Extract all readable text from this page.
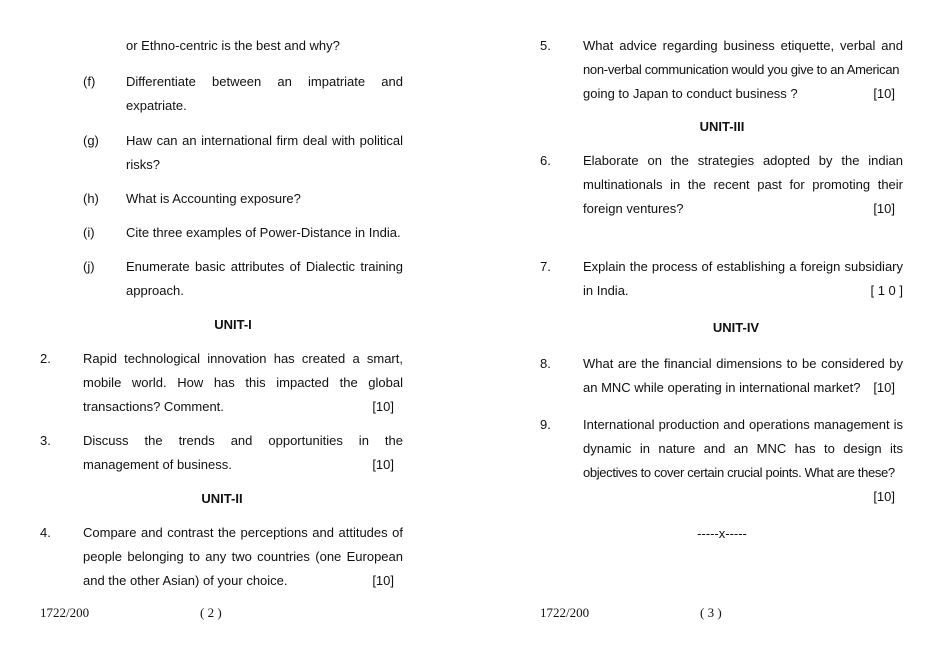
or Ethno-centric is the best and why?
(f) Differentiate between an impatriate and
expatriate.
(g) Haw can an international firm deal with political
risks?
(h) What is Accounting exposure?
(i) Cite three examples of Power-Distance in India.
(j) Enumerate basic attributes of Dialectic training
approach.
UNIT-I
2. Rapid technological innovation has created a smart,
mobile world. How has this impacted the global
transactions? Comment.	[10]
3. Discuss the trends and opportunities in the
management of business.	[10]
UNIT-II
4. Compare and contrast the perceptions and attitudes of
people belonging to any two countries (one European
and the other Asian) of your choice.	[10]
1722/200	( 2 )
5. What advice regarding business etiquette, verbal and
non-verbal communication would you give to an American
going to Japan to conduct business ?	[10]
UNIT-III
6. Elaborate on the strategies adopted by the indian
multinationals in the recent past for promoting their
foreign ventures?	[10]
7. Explain the process of establishing a foreign subsidiary
in India.	[ 1 0 ]
UNIT-IV
8. What are the financial dimensions to be considered by
an MNC while operating in international market? [10]
9. International production and operations management is
dynamic in nature and an MNC has to design its
objectives to cover certain crucial points. What are these?
[10]
-----x-----
1722/200	( 3 )
